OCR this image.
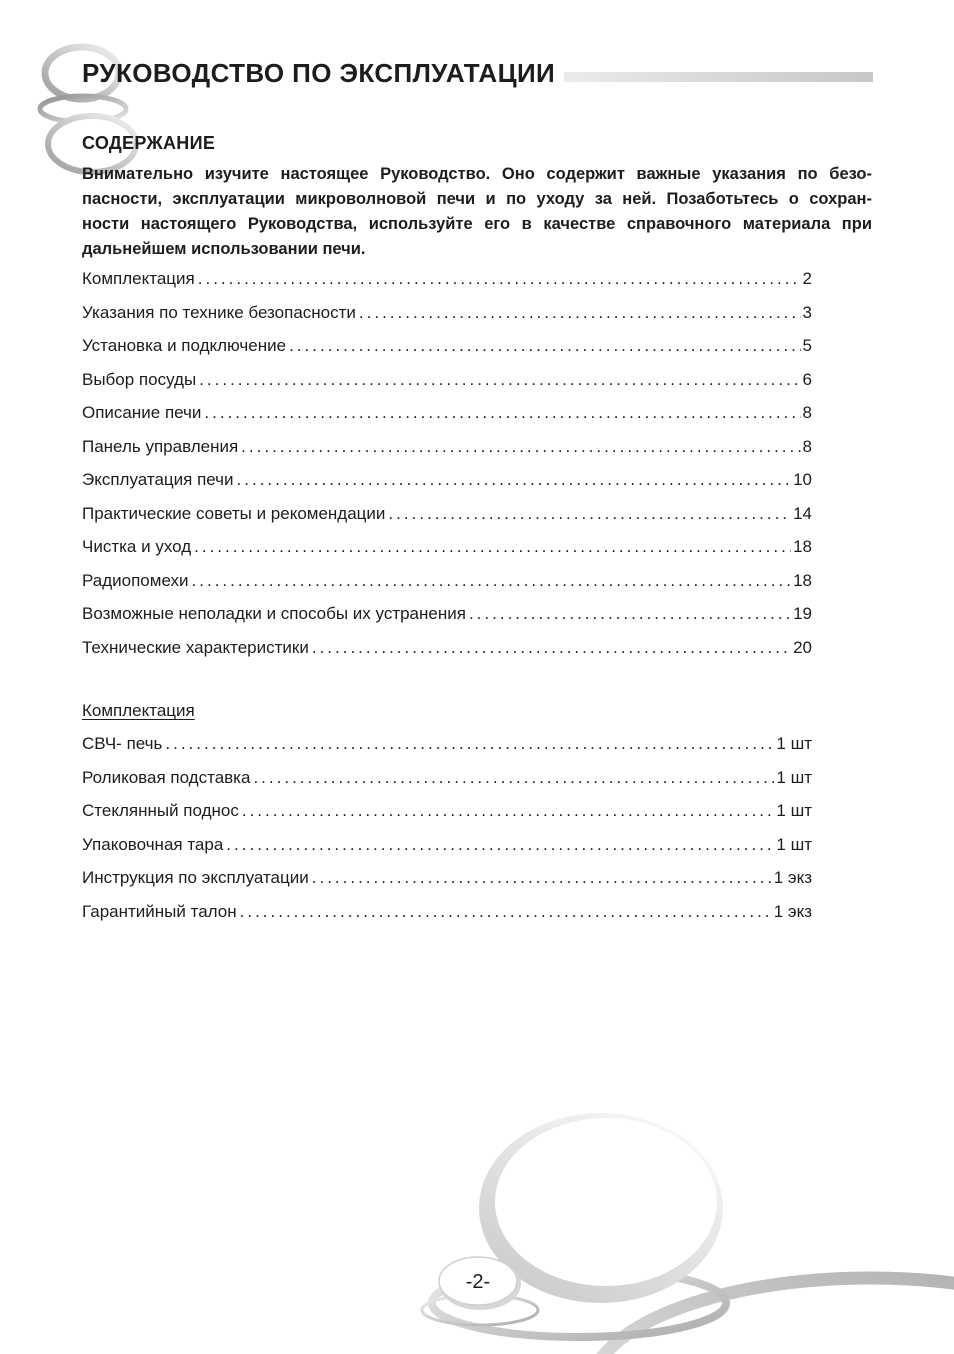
РУКОВОДСТВО ПО ЭКСПЛУАТАЦИИ
СОДЕРЖАНИЕ
Внимательно изучите настоящее Руководство. Оно содержит важные указания по безо-
пасности, эксплуатации микроволновой печи и по уходу за ней. Позаботьтесь о сохран-
ности настоящего Руководства, используйте его в качестве справочного материала при
дальнейшем использовании печи.
Комплектация .....	2
Указания по технике безопасности .....	3
Установка и подключение .....	5
Выбор посуды .....	6
Описание печи .....	8
Панель управления .....	8
Эксплуатация печи .....	10
Практические советы и рекомендации .....	14
Чистка и уход .....	18
Радиопомехи .....	18
Возможные неполадки и способы их устранения .....	19
Технические характеристики .....	20
Комплектация
СВЧ- печь .....	1 шт
Роликовая подставка .....	1 шт
Стеклянный поднос .....	1 шт
Упаковочная тара .....	1 шт
Инструкция по эксплуатации .....	1 экз
Гарантийный талон .....	1 экз
-2-
